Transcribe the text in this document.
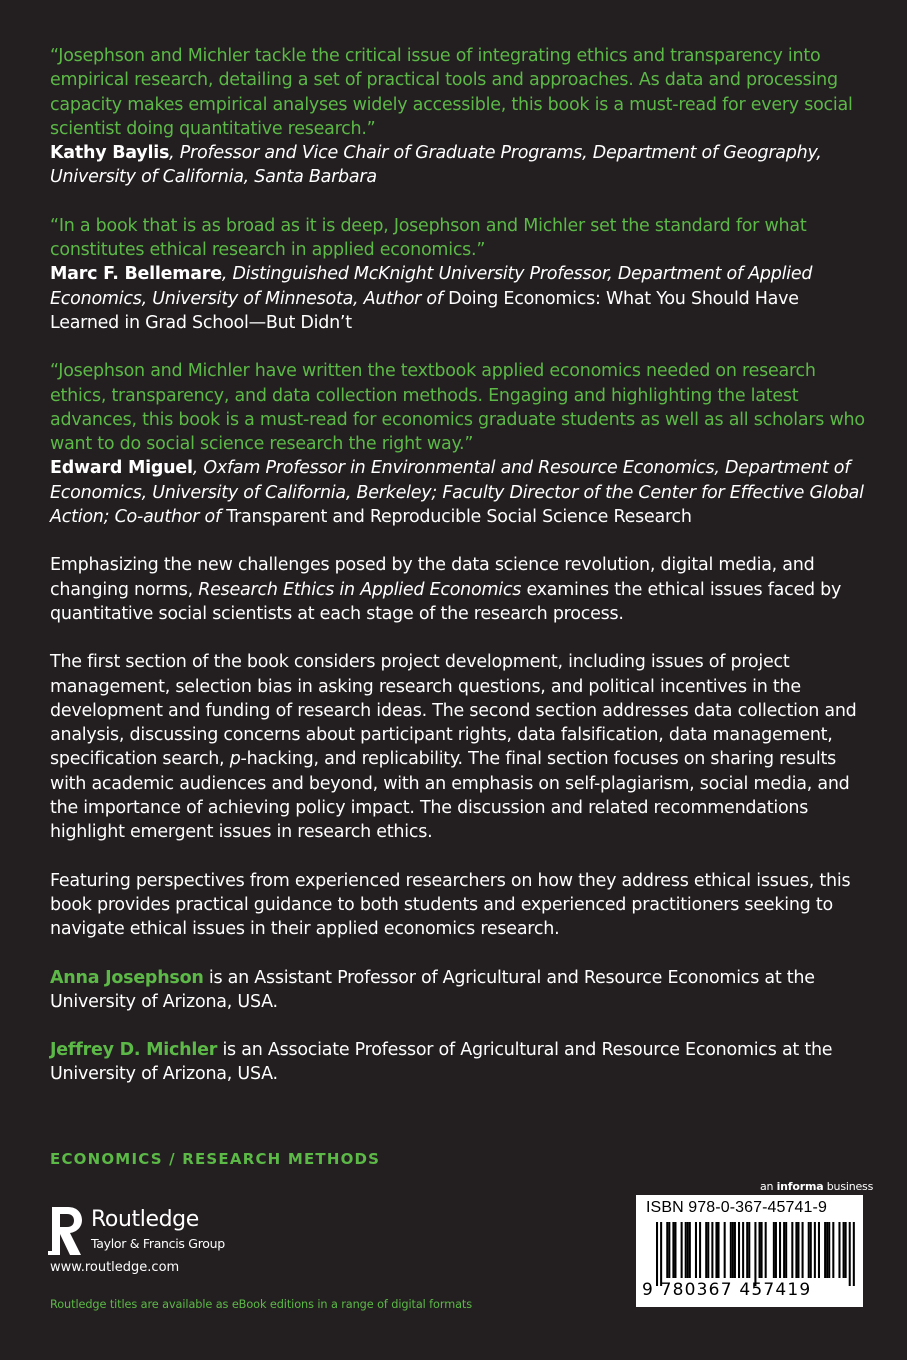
“Josephson and Michler tackle the critical issue of integrating ethics and transparency into empirical research, detailing a set of practical tools and approaches. As data and processing capacity makes empirical analyses widely accessible, this book is a must-read for every social scientist doing quantitative research.”

Kathy Baylis, Professor and Vice Chair of Graduate Programs, Department of Geography, University of California, Santa Barbara

“In a book that is as broad as it is deep, Josephson and Michler set the standard for what constitutes ethical research in applied economics.”

Marc F. Bellemare, Distinguished McKnight University Professor, Department of Applied Economics, University of Minnesota, Author of Doing Economics: What You Should Have Learned in Grad School—But Didn’t

“Josephson and Michler have written the textbook applied economics needed on research ethics, transparency, and data collection methods. Engaging and highlighting the latest advances, this book is a must-read for economics graduate students as well as all scholars who want to do social science research the right way.”

Edward Miguel, Oxfam Professor in Environmental and Resource Economics, Department of Economics, University of California, Berkeley; Faculty Director of the Center for Effective Global Action; Co-author of Transparent and Reproducible Social Science Research

Emphasizing the new challenges posed by the data science revolution, digital media, and changing norms, Research Ethics in Applied Economics examines the ethical issues faced by quantitative social scientists at each stage of the research process.

The first section of the book considers project development, including issues of project management, selection bias in asking research questions, and political incentives in the development and funding of research ideas. The second section addresses data collection and analysis, discussing concerns about participant rights, data falsification, data management, specification search, p-hacking, and replicability. The final section focuses on sharing results with academic audiences and beyond, with an emphasis on self-plagiarism, social media, and the importance of achieving policy impact. The discussion and related recommendations highlight emergent issues in research ethics.

Featuring perspectives from experienced researchers on how they address ethical issues, this book provides practical guidance to both students and experienced practitioners seeking to navigate ethical issues in their applied economics research.

Anna Josephson is an Assistant Professor of Agricultural and Resource Economics at the University of Arizona, USA.

Jeffrey D. Michler is an Associate Professor of Agricultural and Resource Economics at the University of Arizona, USA.

ECONOMICS / RESEARCH METHODS
Routledge
Taylor & Francis Group
www.routledge.com
Routledge titles are available as eBook editions in a range of digital formats
an informa business
ISBN 978-0-367-45741-9
9 780367 457419
